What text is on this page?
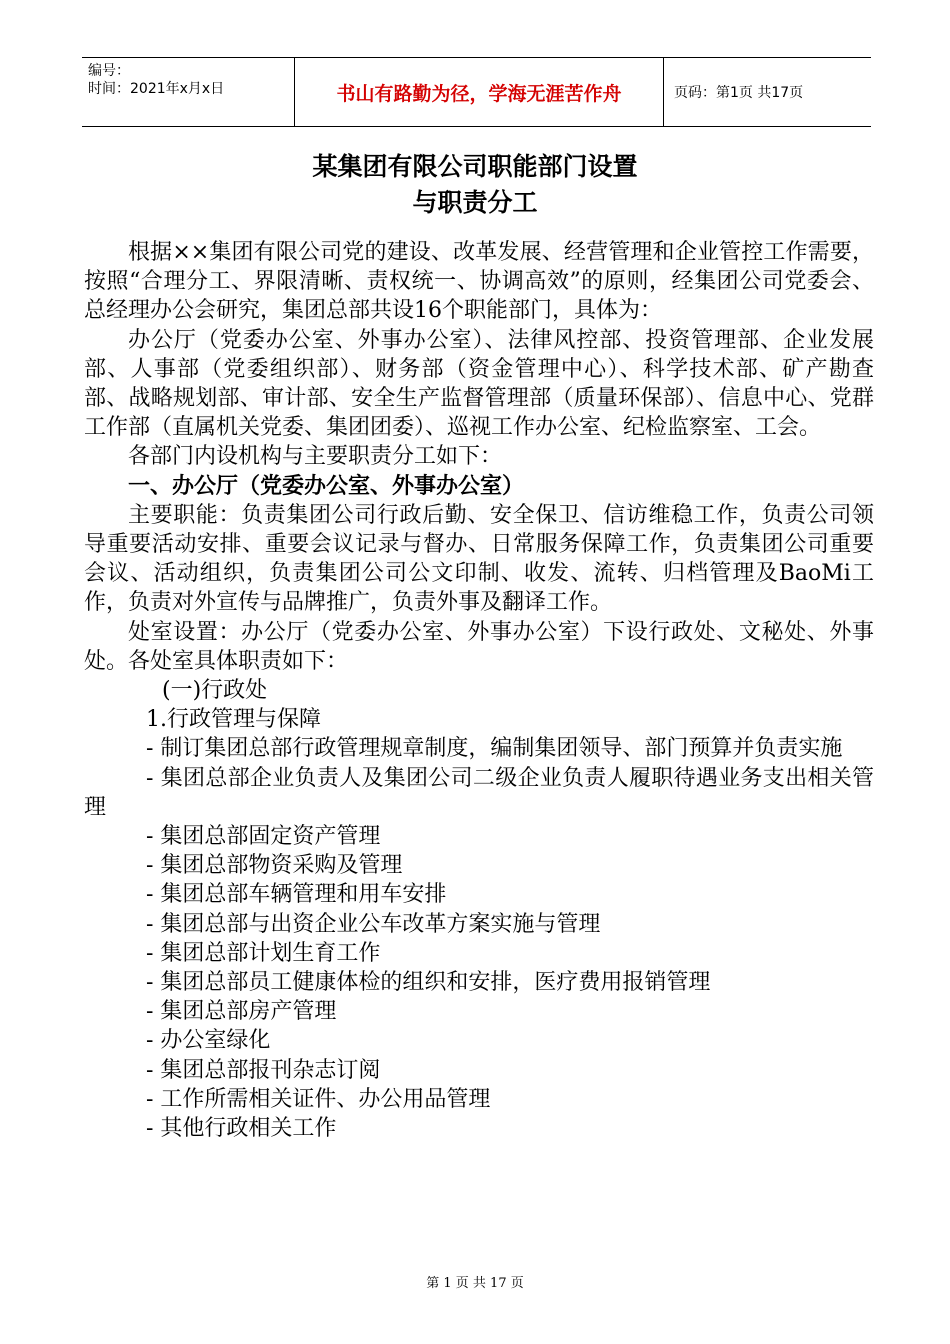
编号：
时间：2021年x月x日	书山有路勤为径，学海无涯苦作舟	页码：第1页 共17页
某集团有限公司职能部门设置
与职责分工

根据××集团有限公司党的建设、改革发展、经营管理和企业管控工作需要，按照“合理分工、界限清晰、责权统一、协调高效”的原则，经集团公司党委会、总经理办公会研究，集团总部共设16个职能部门，具体为：

办公厅（党委办公室、外事办公室）、法律风控部、投资管理部、企业发展部、人事部（党委组织部）、财务部（资金管理中心）、科学技术部、矿产勘查部、战略规划部、审计部、安全生产监督管理部（质量环保部）、信息中心、党群工作部（直属机关党委、集团团委）、巡视工作办公室、纪检监察室、工会。

各部门内设机构与主要职责分工如下：

一、办公厅（党委办公室、外事办公室）

主要职能：负责集团公司行政后勤、安全保卫、信访维稳工作，负责公司领导重要活动安排、重要会议记录与督办、日常服务保障工作，负责集团公司重要会议、活动组织，负责集团公司公文印制、收发、流转、归档管理及BaoMi工作，负责对外宣传与品牌推广，负责外事及翻译工作。

处室设置：办公厅（党委办公室、外事办公室）下设行政处、文秘处、外事处。各处室具体职责如下：

(一)行政处

1.行政管理与保障

- 制订集团总部行政管理规章制度，编制集团领导、部门预算并负责实施

- 集团总部企业负责人及集团公司二级企业负责人履职待遇业务支出相关管理

- 集团总部固定资产管理

- 集团总部物资采购及管理

- 集团总部车辆管理和用车安排

- 集团总部与出资企业公车改革方案实施与管理

- 集团总部计划生育工作

- 集团总部员工健康体检的组织和安排，医疗费用报销管理

- 集团总部房产管理

- 办公室绿化

- 集团总部报刊杂志订阅

- 工作所需相关证件、办公用品管理

- 其他行政相关工作

第 1 页 共 17 页
